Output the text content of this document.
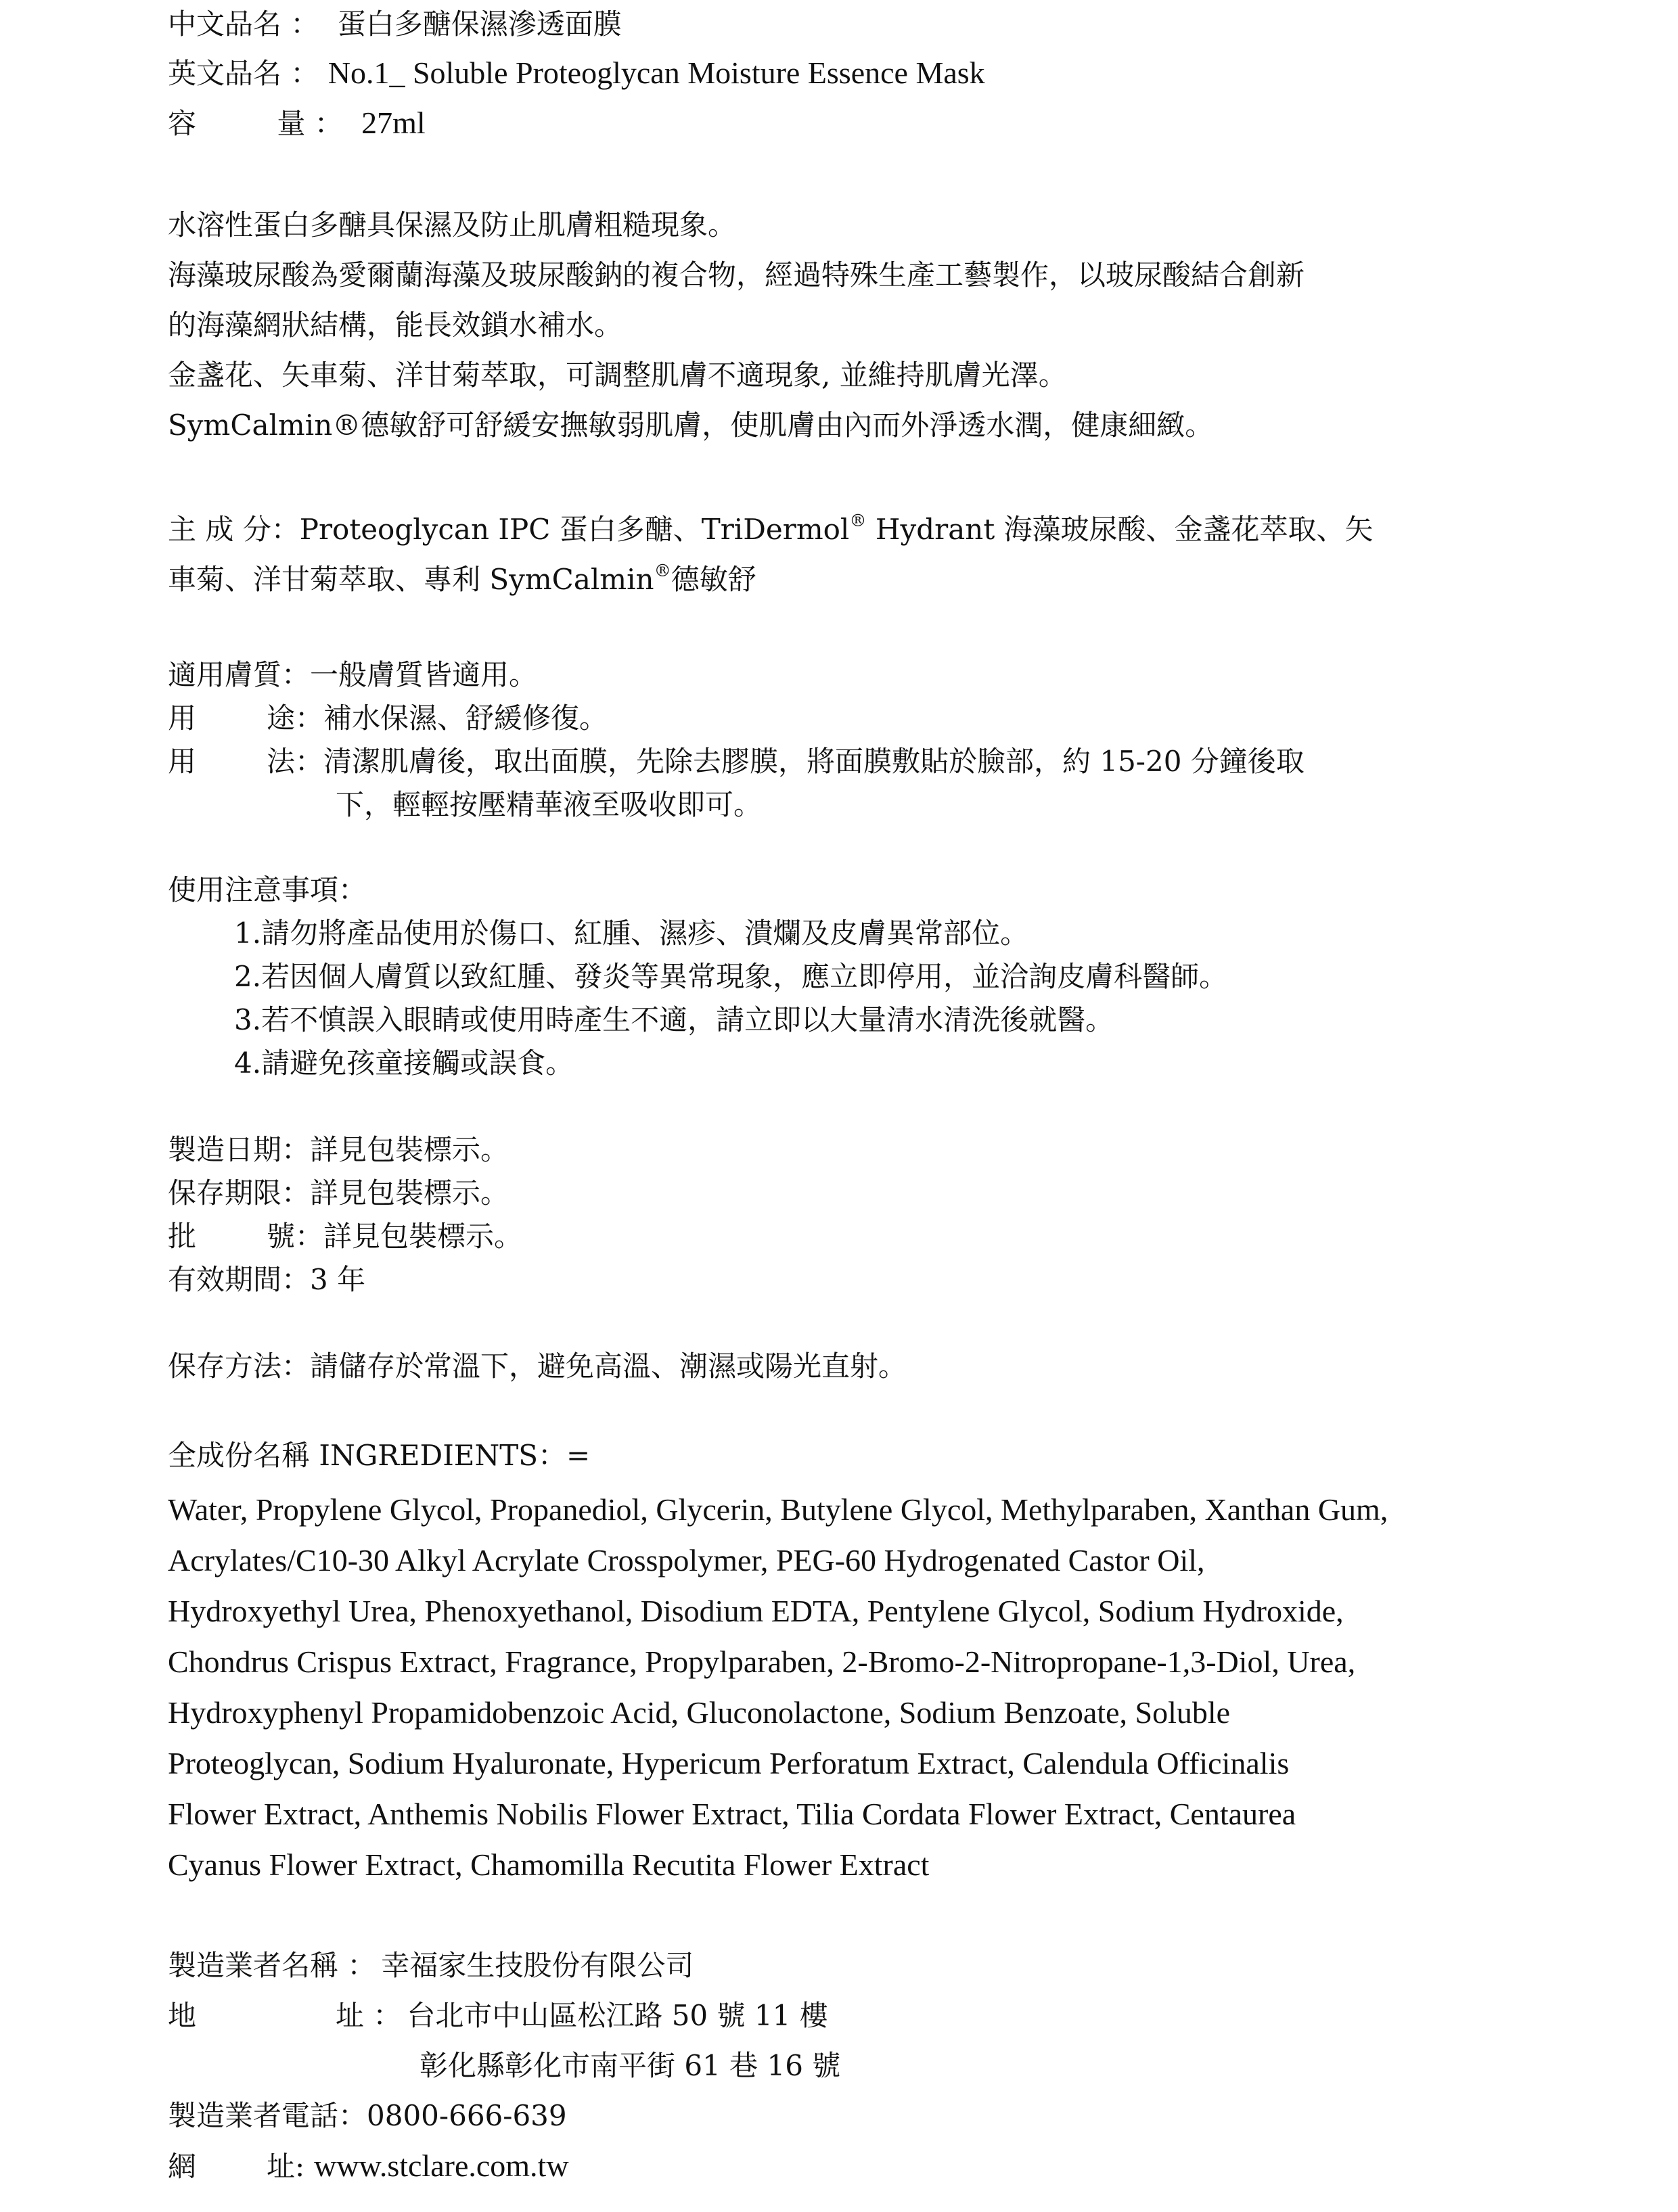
中文品名 ： 蛋白多醣保濕滲透面膜
英文品名 ： No.1_ Soluble Proteoglycan Moisture Essence Mask
容	量 ： 27ml
水溶性蛋白多醣具保濕及防止肌膚粗糙現象。
海藻玻尿酸為愛爾蘭海藻及玻尿酸鈉的複合物，經過特殊生產工藝製作，以玻尿酸結合創新
的海藻網狀結構，能長效鎖水補水。
金盞花、矢車菊、洋甘菊萃取，可調整肌膚不適現象, 並維持肌膚光澤。
SymCalmin®德敏舒可舒緩安撫敏弱肌膚，使肌膚由內而外淨透水潤，健康細緻。
主 成 分：Proteoglycan IPC 蛋白多醣、TriDermol® Hydrant 海藻玻尿酸、金盞花萃取、矢
車菊、洋甘菊萃取、專利 SymCalmin®德敏舒
適用膚質：一般膚質皆適用。
用 途：補水保濕、舒緩修復。
用 法：清潔肌膚後，取出面膜，先除去膠膜，將面膜敷貼於臉部，約 15-20 分鐘後取
下，輕輕按壓精華液至吸收即可。
使用注意事項：
1.請勿將產品使用於傷口、紅腫、濕疹、潰爛及皮膚異常部位。
2.若因個人膚質以致紅腫、發炎等異常現象，應立即停用，並洽詢皮膚科醫師。
3.若不慎誤入眼睛或使用時產生不適，請立即以大量清水清洗後就醫。
4.請避免孩童接觸或誤食。
製造日期：詳見包裝標示。
保存期限：詳見包裝標示。
批 號：詳見包裝標示。
有效期間：3 年
保存方法：請儲存於常溫下，避免高溫、潮濕或陽光直射。
全成份名稱 INGREDIENTS：=
Water, Propylene Glycol, Propanediol, Glycerin, Butylene Glycol, Methylparaben, Xanthan Gum,
Acrylates/C10-30 Alkyl Acrylate Crosspolymer, PEG-60 Hydrogenated Castor Oil,
Hydroxyethyl Urea, Phenoxyethanol, Disodium EDTA, Pentylene Glycol, Sodium Hydroxide,
Chondrus Crispus Extract, Fragrance, Propylparaben, 2-Bromo-2-Nitropropane-1,3-Diol, Urea,
Hydroxyphenyl Propamidobenzoic Acid, Gluconolactone, Sodium Benzoate, Soluble
Proteoglycan, Sodium Hyaluronate, Hypericum Perforatum Extract, Calendula Officinalis
Flower Extract, Anthemis Nobilis Flower Extract, Tilia Cordata Flower Extract, Centaurea
Cyanus Flower Extract, Chamomilla Recutita Flower Extract
製造業者名稱 ： 幸福家生技股份有限公司
地	址 ： 台北市中山區松江路 50 號 11 樓
彰化縣彰化市南平街 61 巷 16 號
製造業者電話：0800-666-639
網 址: www.stclare.com.tw
